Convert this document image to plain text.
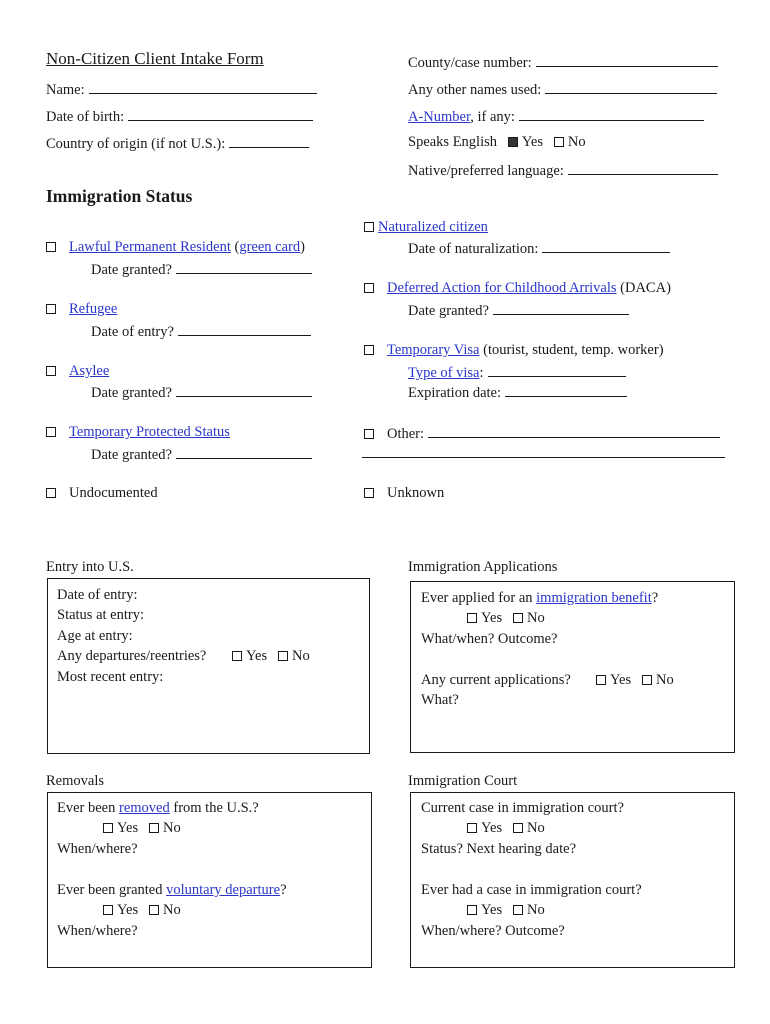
Non-Citizen Client Intake Form
Name:
Date of birth:
Country of origin (if not U.S.):
County/case number:
Any other names used:
A-Number, if any:
Speaks English Yes No
Native/preferred language:
Immigration Status
Naturalized citizen
Date of naturalization:
Lawful Permanent Resident (green card)
Date granted?
Deferred Action for Childhood Arrivals (DACA)
Date granted?
Refugee
Date of entry?
Temporary Visa (tourist, student, temp. worker)
Type of visa:
Expiration date:
Asylee
Date granted?
Temporary Protected Status
Date granted?
Other:
Undocumented	Unknown
Entry into U.S.
Date of entry:
Status at entry:
Age at entry:
Any departures/reentries?	Yes No
Most recent entry:
Immigration Applications
Ever applied for an immigration benefit?
Yes No
What/when? Outcome?
Any current applications?	Yes No
What?
Removals
Ever been removed from the U.S.?
Yes No
When/where?
Ever been granted voluntary departure?
Yes No
When/where?
Immigration Court
Current case in immigration court?
Yes No
Status? Next hearing date?
Ever had a case in immigration court?
Yes No
When/where? Outcome?
